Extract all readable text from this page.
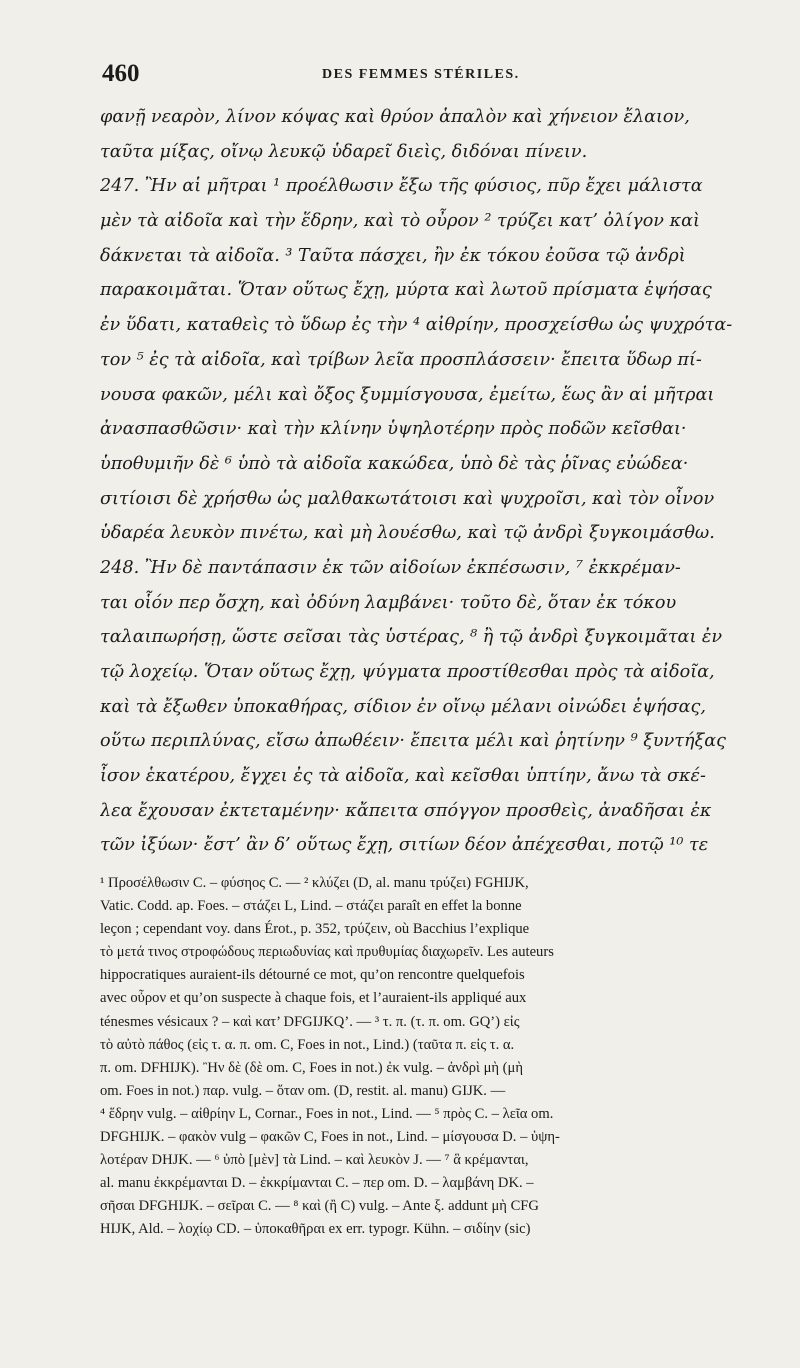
460	DES FEMMES STÉRILES.
φανῇ νεαρὸν, λίνον κόψας καὶ θρύον ἁπαλὸν καὶ χήνειον ἔλαιον,
ταῦτα μίξας, οἴνῳ λευκῷ ὑδαρεῖ διεὶς, διδόναι πίνειν.
247. Ἢν αἱ μῆτραι ¹ προέλθωσιν ἔξω τῆς φύσιος, πῦρ ἔχει μάλιστα
μὲν τὰ αἰδοῖα καὶ τὴν ἕδρην, καὶ τὸ οὖρον ² τρύζει κατ’ ὀλίγον καὶ
δάκνεται τὰ αἰδοῖα. ³ Ταῦτα πάσχει, ἢν ἐκ τόκου ἐοῦσα τῷ ἀνδρὶ
παρακοιμᾶται. Ὅταν οὕτως ἔχῃ, μύρτα καὶ λωτοῦ πρίσματα ἑψήσας
ἐν ὕδατι, καταθεὶς τὸ ὕδωρ ἐς τὴν ⁴ αἰθρίην, προσχείσθω ὡς ψυχρότα-
τον ⁵ ἐς τὰ αἰδοῖα, καὶ τρίβων λεῖα προσπλάσσειν· ἔπειτα ὕδωρ πί-
νουσα φακῶν, μέλι καὶ ὄξος ξυμμίσγουσα, ἐμείτω, ἕως ἂν αἱ μῆτραι
ἀνασπασθῶσιν· καὶ τὴν κλίνην ὑψηλοτέρην πρὸς ποδῶν κεῖσθαι·
ὑποθυμιῆν δὲ ⁶ ὑπὸ τὰ αἰδοῖα κακώδεα, ὑπὸ δὲ τὰς ῥῖνας εὐώδεα·
σιτίοισι δὲ χρήσθω ὡς μαλθακωτάτοισι καὶ ψυχροῖσι, καὶ τὸν οἶνον
ὑδαρέα λευκὸν πινέτω, καὶ μὴ λουέσθω, καὶ τῷ ἀνδρὶ ξυγκοιμάσθω.
248. Ἢν δὲ παντάπασιν ἐκ τῶν αἰδοίων ἐκπέσωσιν, ⁷ ἐκκρέμαν-
ται οἷόν περ ὄσχη, καὶ ὀδύνη λαμβάνει· τοῦτο δὲ, ὅταν ἐκ τόκου
ταλαιπωρήσῃ, ὥστε σεῖσαι τὰς ὑστέρας, ⁸ ἢ τῷ ἀνδρὶ ξυγκοιμᾶται ἐν
τῷ λοχείῳ. Ὅταν οὕτως ἔχῃ, ψύγματα προστίθεσθαι πρὸς τὰ αἰδοῖα,
καὶ τὰ ἔξωθεν ὑποκαθήρας, σίδιον ἐν οἴνῳ μέλανι οἰνώδει ἑψήσας,
οὕτω περιπλύνας, εἴσω ἀπωθέειν· ἔπειτα μέλι καὶ ῥητίνην ⁹ ξυντήξας
ἶσον ἑκατέρου, ἔγχει ἐς τὰ αἰδοῖα, καὶ κεῖσθαι ὑπτίην, ἄνω τὰ σκέ-
λεα ἔχουσαν ἐκτεταμένην· κἄπειτα σπόγγον προσθεὶς, ἀναδῆσαι ἐκ
τῶν ἰξύων· ἔστ’ ἂν δ’ οὕτως ἔχῃ, σιτίων δέον ἀπέχεσθαι, ποτῷ ¹⁰ τε
¹ Προσέλθωσιν C. – φύσηος C. — ² κλύζει (D, al. manu τρύζει) FGHIJK,
Vatic. Codd. ap. Foes. – στάζει L, Lind. – στάζει paraît en effet la bonne
leçon ; cependant voy. dans Érot., p. 352, τρύζειν, où Bacchius l’explique
τὸ μετά τινος στροφώδους περιωδυνίας καὶ πρυθυμίας διαχωρεῖν. Les auteurs
hippocratiques auraient-ils détourné ce mot, qu’on rencontre quelquefois
avec οὖρον et qu’on suspecte à chaque fois, et l’auraient-ils appliqué aux
ténesmes vésicaux ? – καὶ κατ’ DFGIJKQ’. — ³ τ. π. (τ. π. om. GQ’) εἰς
τὸ αὐτὸ πάθος (εἰς τ. α. π. om. C, Foes in not., Lind.) (ταῦτα π. εἰς τ. α.
π. om. DFHIJK). Ἢν δὲ (δὲ om. C, Foes in not.) ἐκ vulg. – ἀνδρὶ μὴ (μὴ
om. Foes in not.) παρ. vulg. – ὅταν om. (D, restit. al. manu) GIJK. —
⁴ ἕδρην vulg. – αἰθρίην L, Cornar., Foes in not., Lind. — ⁵ πρὸς C. – λεῖα om.
DFGHIJK. – φακὸν vulg – φακῶν C, Foes in not., Lind. – μίσγουσα D. – ὑψη-
λοτέραν DHJK. — ⁶ ὑπὸ [μὲν] τὰ Lind. – καὶ λευκὸν J. — ⁷ ἃ κρέμανται,
al. manu ἐκκρέμανται D. – ἐκκρίμανται C. – περ om. D. – λαμβάνη DK. –
σῆσαι DFGHIJK. – σεῖραι C. — ⁸ καὶ (ἢ C) vulg. – Ante ξ. addunt μὴ CFG
HIJK, Ald. – λοχίῳ CD. – ὑποκαθῆραι ex err. typogr. Kühn. – σιδίην (sic)
